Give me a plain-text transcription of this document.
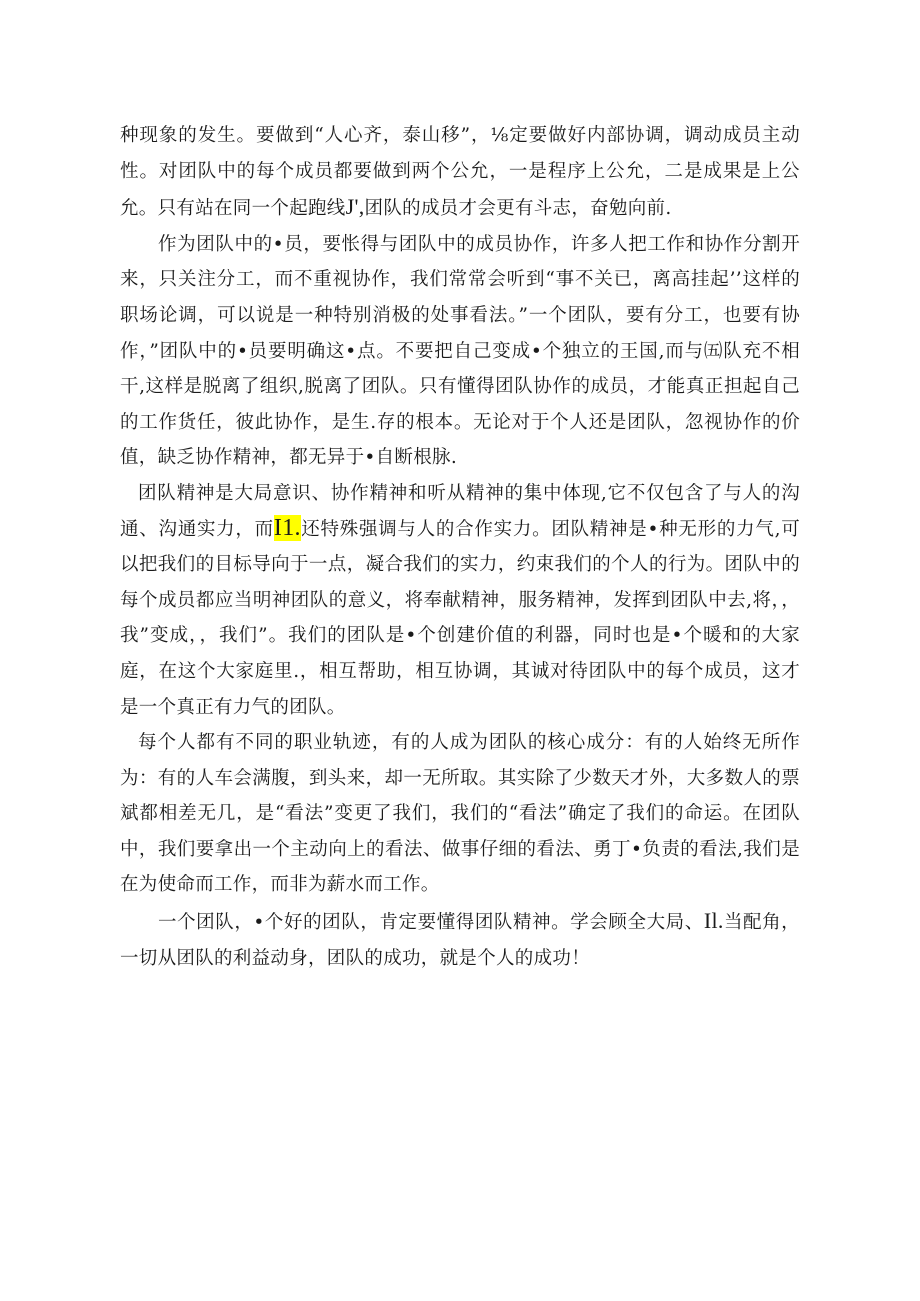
种现象的发生。要做到“人心齐，泰山移”，⅛定要做好内部协调，调动成员主动性。对团队中的每个成员都要做到两个公允，一是程序上公允，二是成果是上公允。只有站在同一个起跑线J',团队的成员才会更有斗志，奋勉向前.

作为团队中的•员，要怅得与团队中的成员协作，许多人把工作和协作分割开来，只关注分工，而不重视协作，我们常常会听到“事不关已，离高挂起’’这样的职场论调，可以说是一种特别消极的处事看法。”一个团队，要有分工，也要有协作，”团队中的•员要明确这•点。不要把自己变成•个独立的王国,而与㈤队充不相干,这样是脱离了组织,脱离了团队。只有懂得团队协作的成员，才能真正担起自己的工作货任，彼此协作，是生.存的根本。无论对于个人还是团队，忽视协作的价值，缺乏协作精神，都无异于•自断根脉.

团队精神是大局意识、协作精神和听从精神的集中体现,它不仅包含了与人的沟通、沟通实力，而I1.还特殊强调与人的合作实力。团队精神是•种无形的力气,可以把我们的目标导向于一点，凝合我们的实力，约束我们的个人的行为。团队中的每个成员都应当明神团队的意义，将奉献精神，服务精神，发挥到团队中去,将，，我”变成，，我们”。我们的团队是•个创建价值的利器，同时也是•个暖和的大家庭，在这个大家庭里.，相互帮助，相互协调，其诚对待团队中的每个成员，这才是一个真正有力气的团队。

每个人都有不同的职业轨迹，有的人成为团队的核心成分：有的人始终无所作为：有的人车会满腹，到头来，却一无所取。其实除了少数天才外，大多数人的票斌都相差无几，是“看法”变更了我们，我们的“看法”确定了我们的命运。在团队中，我们要拿出一个主动向上的看法、做事仔细的看法、勇丁•负责的看法,我们是在为使命而工作，而非为薪水而工作。

一个团队，•个好的团队，肯定要懂得团队精神。学会顾全大局、Il.当配角，一切从团队的利益动身，团队的成功，就是个人的成功！
